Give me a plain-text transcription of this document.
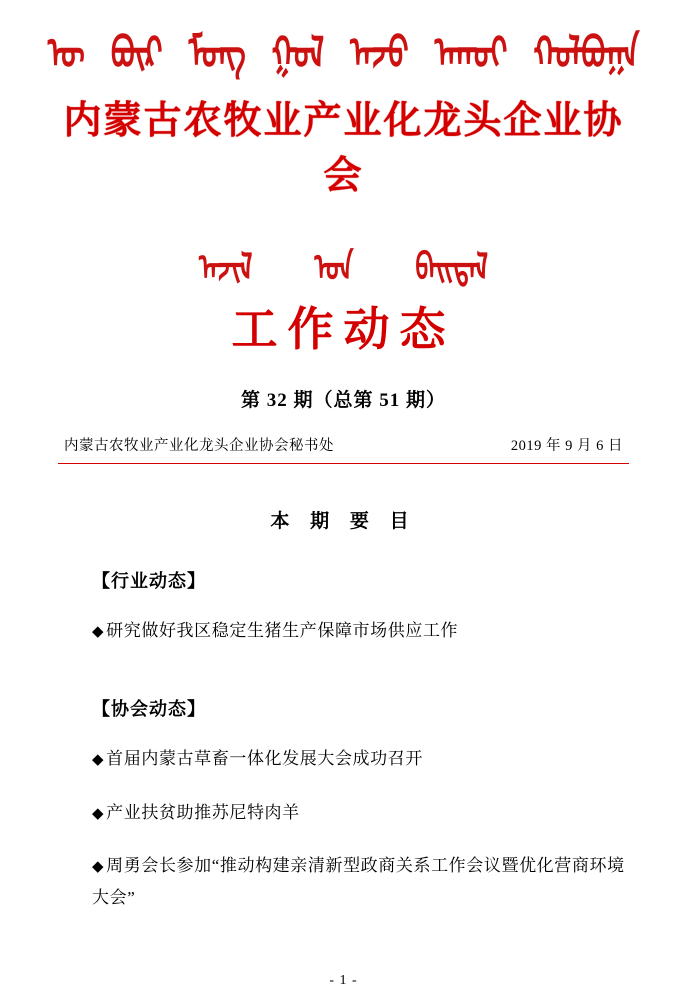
ᠥ ᠪᠦᠷ ᠮᠣᠩ ᠭᠣᠯ ᠠᠵᠤ ᠠᠬᠤᠢ ᠬᠣᠯᠪᠣᠭᠠ
内蒙古农牧业产业化龙头企业协会
ᠠᠵᠢᠯ ᠤᠨ ᠪᠠᠢᠳᠠᠯ
工作动态
第 32 期（总第 51 期）
内蒙古农牧业产业化龙头企业协会秘书处	2019 年 9 月 6 日
本 期 要 目
【行业动态】
◆ 研究做好我区稳定生猪生产保障市场供应工作
【协会动态】
◆ 首届内蒙古草畜一体化发展大会成功召开
◆ 产业扶贫助推苏尼特肉羊
◆ 周勇会长参加“推动构建亲清新型政商关系工作会议暨优化营商环境大会”
- 1 -
